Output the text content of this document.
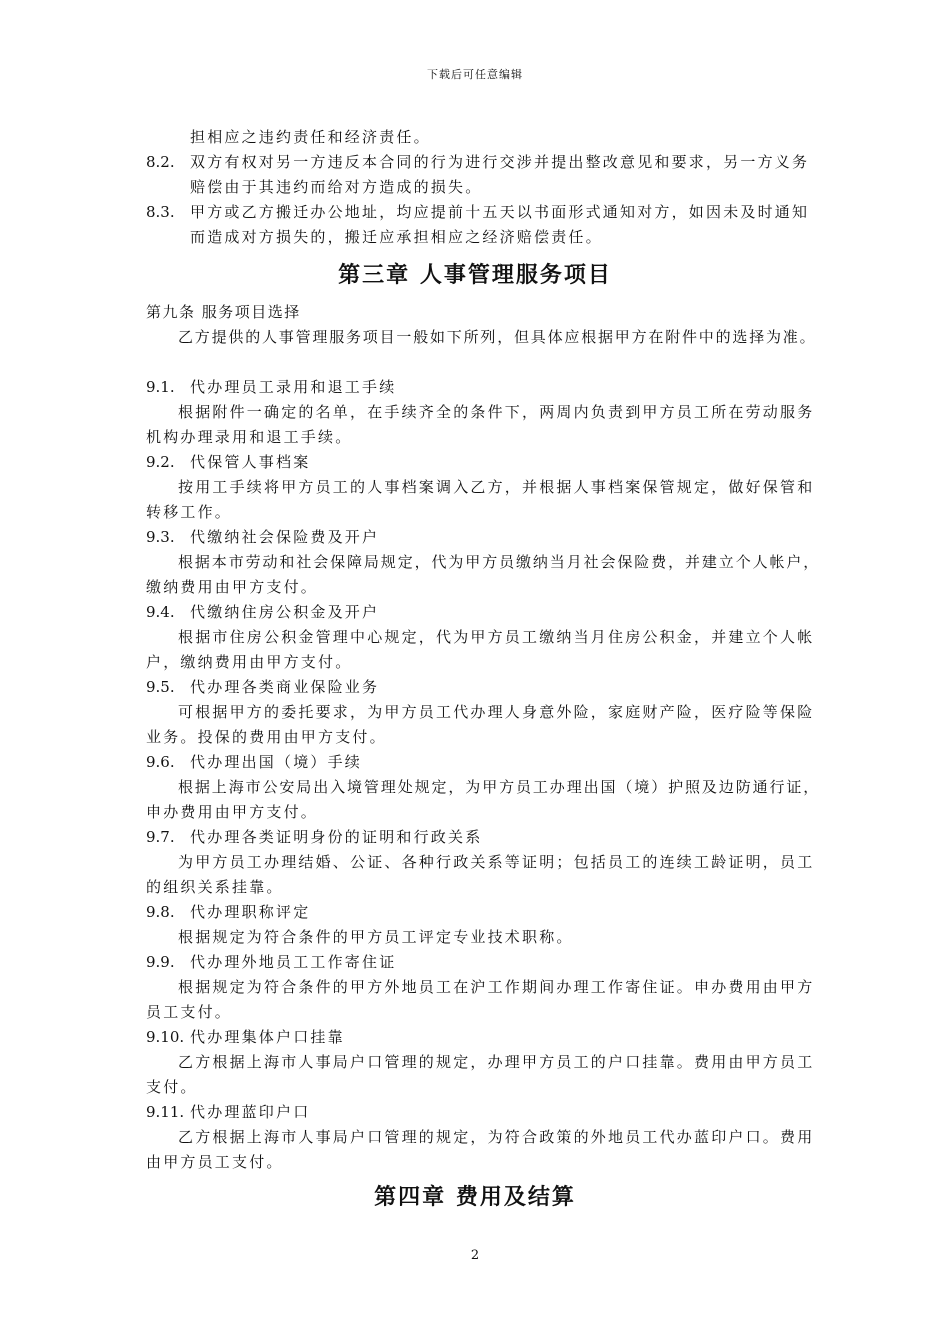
下载后可任意编辑
担相应之违约责任和经济责任。
8.2. 双方有权对另一方违反本合同的行为进行交涉并提出整改意见和要求，另一方义务
赔偿由于其违约而给对方造成的损失。
8.3. 甲方或乙方搬迁办公地址，均应提前十五天以书面形式通知对方，如因未及时通知
而造成对方损失的，搬迁应承担相应之经济赔偿责任。
第三章 人事管理服务项目
第九条 服务项目选择
乙方提供的人事管理服务项目一般如下所列，但具体应根据甲方在附件中的选择为准。
9.1. 代办理员工录用和退工手续
根据附件一确定的名单，在手续齐全的条件下，两周内负责到甲方员工所在劳动服务
机构办理录用和退工手续。
9.2. 代保管人事档案
按用工手续将甲方员工的人事档案调入乙方，并根据人事档案保管规定，做好保管和
转移工作。
9.3. 代缴纳社会保险费及开户
根据本市劳动和社会保障局规定，代为甲方员缴纳当月社会保险费，并建立个人帐户，
缴纳费用由甲方支付。
9.4. 代缴纳住房公积金及开户
根据市住房公积金管理中心规定，代为甲方员工缴纳当月住房公积金，并建立个人帐
户，缴纳费用由甲方支付。
9.5. 代办理各类商业保险业务
可根据甲方的委托要求，为甲方员工代办理人身意外险，家庭财产险，医疗险等保险
业务。投保的费用由甲方支付。
9.6. 代办理出国（境）手续
根据上海市公安局出入境管理处规定，为甲方员工办理出国（境）护照及边防通行证，
申办费用由甲方支付。
9.7. 代办理各类证明身份的证明和行政关系
为甲方员工办理结婚、公证、各种行政关系等证明；包括员工的连续工龄证明，员工
的组织关系挂靠。
9.8. 代办理职称评定
根据规定为符合条件的甲方员工评定专业技术职称。
9.9. 代办理外地员工工作寄住证
根据规定为符合条件的甲方外地员工在沪工作期间办理工作寄住证。申办费用由甲方
员工支付。
9.10. 代办理集体户口挂靠
乙方根据上海市人事局户口管理的规定，办理甲方员工的户口挂靠。费用由甲方员工
支付。
9.11. 代办理蓝印户口
乙方根据上海市人事局户口管理的规定，为符合政策的外地员工代办蓝印户口。费用
由甲方员工支付。
第四章 费用及结算
2
